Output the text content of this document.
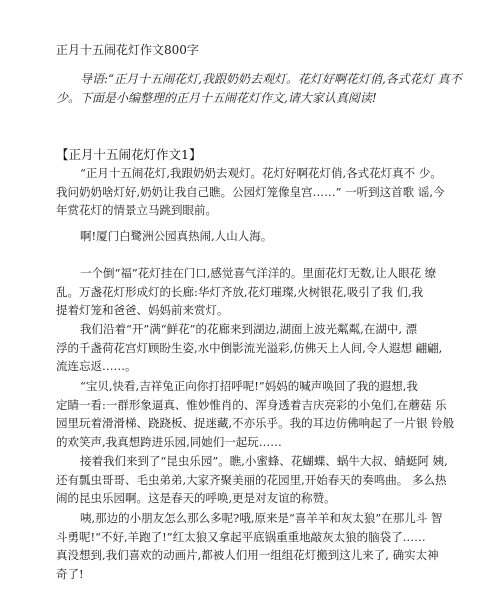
正月十五闹花灯作文800字
导语:“正月十五闹花灯,我跟奶奶去观灯。花灯好啊花灯俏,各式花灯 真不
少。下面是小编整理的正月十五闹花灯作文,请大家认真阅读!
【正月十五闹花灯作文1】
“正月十五闹花灯,我跟奶奶去观灯。花灯好啊花灯俏,各式花灯真不 少。
我问奶奶啥灯好,奶奶让我自己瞧。公园灯笼像皇宫……” 一听到这首歌 谣,今
年赏花灯的情景立马跳到眼前。
啊!厦门白鹭洲公园真热闹,人山人海。
一个倒“福”花灯挂在门口,感觉喜气洋洋的。里面花灯无数,让人眼花 缭
乱。万盏花灯形成灯的长廊:华灯齐放,花灯璀璨,火树银花,吸引了我 们,我
提着灯笼和爸爸、妈妈前来赏灯。
我们沿着“开”满“鲜花”的花廊来到湖边,湖面上波光粼粼,在湖中, 漂
浮的千盏荷花宫灯顾盼生姿,水中倒影流光溢彩,仿佛天上人间,令人遐想 翩翩,
流连忘返……。
“宝贝,快看,吉祥兔正向你打招呼呢!”妈妈的喊声唤回了我的遐想,我
定睛一看:一群形象逼真、惟妙惟肖的、浑身透着吉庆亮彩的小兔们,在蘑菇 乐
园里玩着滑滑梯、跷跷板、捉迷藏,不亦乐乎。我的耳边仿佛响起了一片银 铃般
的欢笑声,我真想跨进乐园,同她们一起玩……
接着我们来到了“昆虫乐园”。瞧,小蜜蜂、花蝴蝶、蜗牛大叔、蜻蜓阿 姨,
还有瓢虫哥哥、毛虫弟弟,大家齐聚美丽的花园里,开始春天的奏鸣曲。 多么热
闹的昆虫乐园啊。这是春天的呼唤,更是对友谊的称赞。
咦,那边的小朋友怎么那么多呢?哦,原来是“喜羊羊和灰太狼”在那儿斗 智
斗勇呢!“不好,羊跑了!”红太狼又拿起平底锅重重地敲灰太狼的脑袋了……
真没想到,我们喜欢的动画片,都被人们用一组组花灯搬到这儿来了, 确实太神
奇了!
